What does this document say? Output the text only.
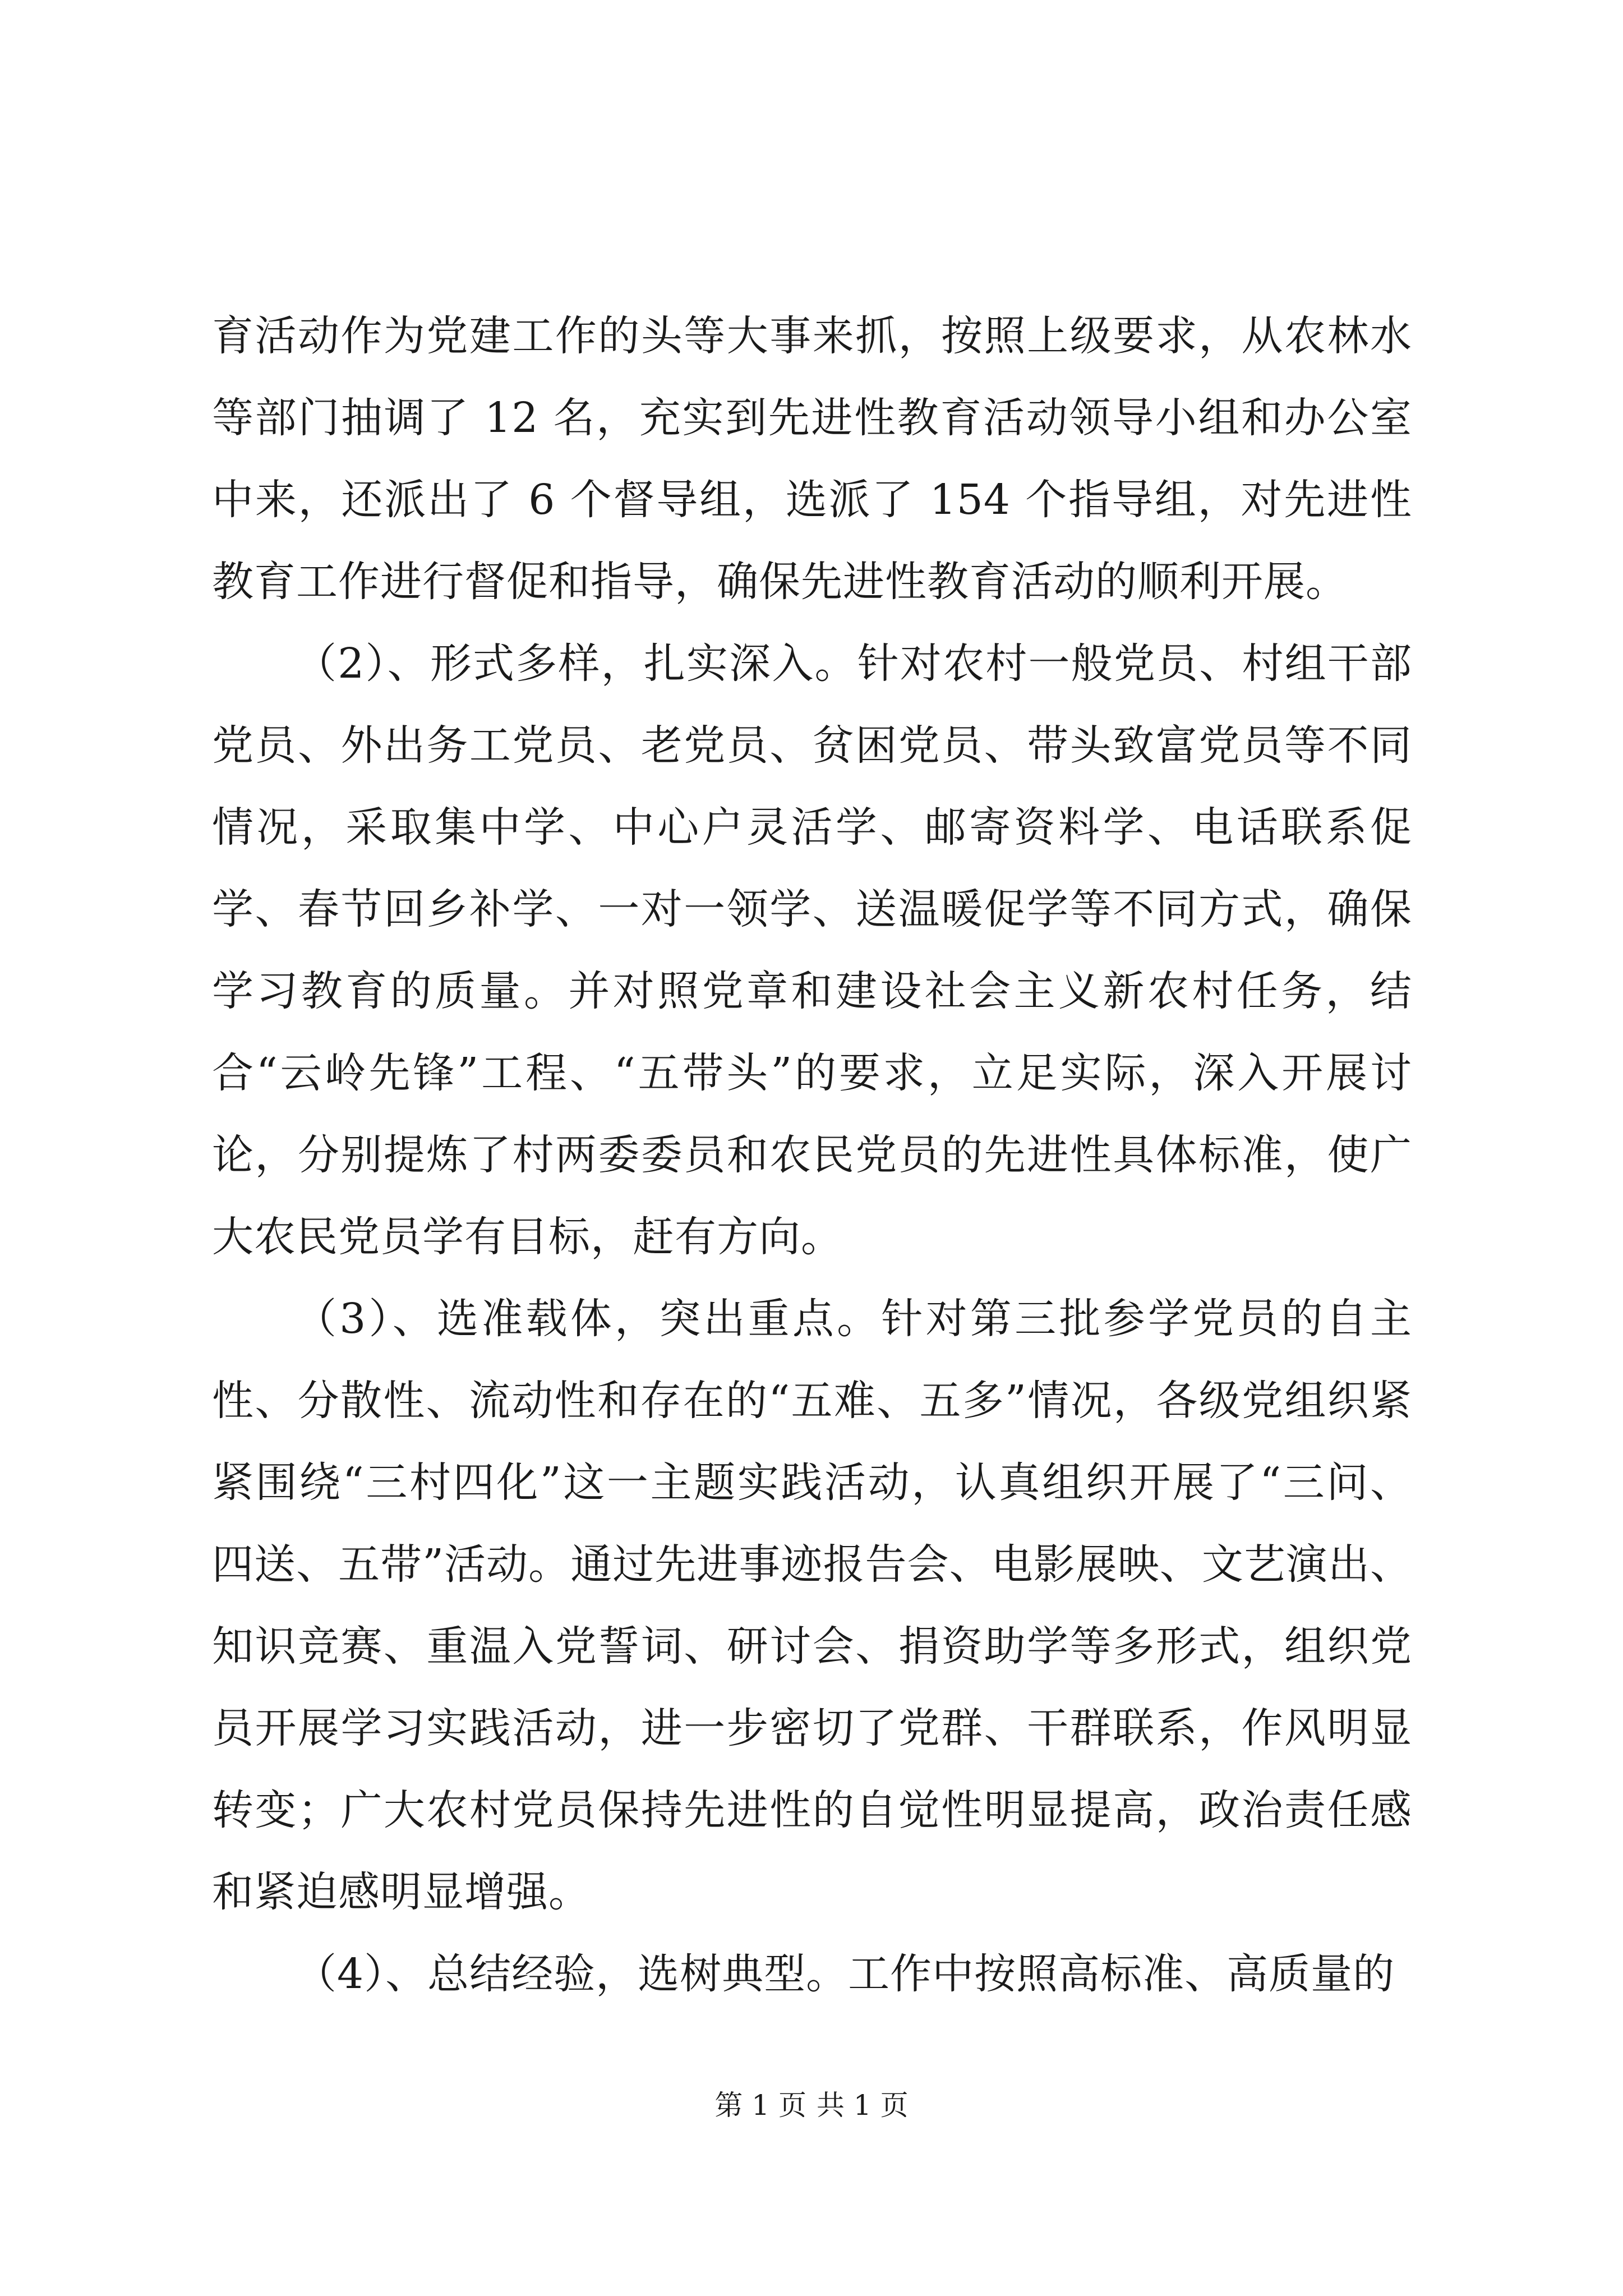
育活动作为党建工作的头等大事来抓，按照上级要求，从农林水等部门抽调了 12 名，充实到先进性教育活动领导小组和办公室中来，还派出了 6 个督导组，选派了 154 个指导组，对先进性教育工作进行督促和指导，确保先进性教育活动的顺利开展。

（2）、形式多样，扎实深入。针对农村一般党员、村组干部党员、外出务工党员、老党员、贫困党员、带头致富党员等不同情况，采取集中学、中心户灵活学、邮寄资料学、电话联系促学、春节回乡补学、一对一领学、送温暖促学等不同方式，确保学习教育的质量。并对照党章和建设社会主义新农村任务，结合“云岭先锋”工程、“五带头”的要求，立足实际，深入开展讨论，分别提炼了村两委委员和农民党员的先进性具体标准，使广大农民党员学有目标，赶有方向。

（3）、选准载体，突出重点。针对第三批参学党员的自主性、分散性、流动性和存在的“五难、五多”情况，各级党组织紧紧围绕“三村四化”这一主题实践活动，认真组织开展了“三问、四送、五带”活动。通过先进事迹报告会、电影展映、文艺演出、知识竞赛、重温入党誓词、研讨会、捐资助学等多形式，组织党员开展学习实践活动，进一步密切了党群、干群联系，作风明显转变；广大农村党员保持先进性的自觉性明显提高，政治责任感和紧迫感明显增强。

（4）、总结经验，选树典型。工作中按照高标准、高质量的

第 1 页 共 1 页
